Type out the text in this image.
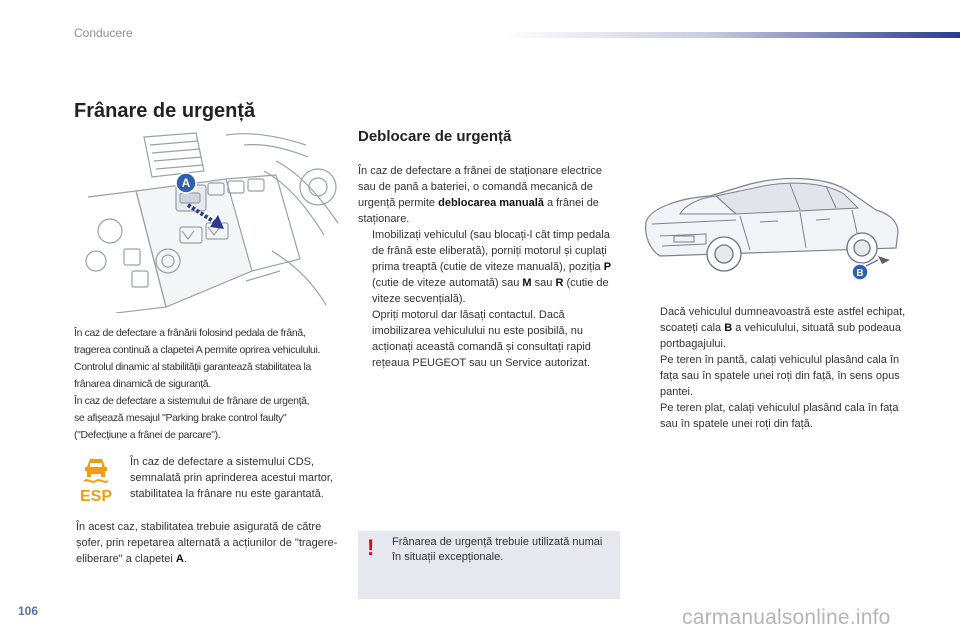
Conducere
Frânare de urgență
A

În caz de defectare a frânării folosind pedala de frână,

tragerea continuă a clapetei A permite oprirea vehiculului.

Controlul dinamic al stabilității garantează stabilitatea la

frânarea dinamică de siguranță.

În caz de defectare a sistemului de frânare de urgență,

se afișează mesajul "Parking brake control faulty"

("Defecțiune a frânei de parcare").

ESP
În caz de defectare a sistemului CDS, semnalată prin aprinderea acestui martor, stabilitatea la frânare nu este garantată.
În acest caz, stabilitatea trebuie asigurată de către șofer, prin repetarea alternată a acțiunilor de "tragere-eliberare" a clapetei A.
Deblocare de urgență
În caz de defectare a frânei de staționare electrice sau de pană a bateriei, o comandă mecanică de urgență permite deblocarea manuală a frânei de staționare.
Imobilizați vehiculul (sau blocați-l cât timp pedala de frână este eliberată), porniți motorul și cuplați prima treaptă (cutie de viteze manuală), poziția P (cutie de viteze automată) sau M sau R (cutie de viteze secvențială).
Opriți motorul dar lăsați contactul. Dacă imobilizarea vehiculului nu este posibilă, nu acționați această comandă și consultați rapid rețeaua PEUGEOT sau un Service autorizat.
! Frânarea de urgență trebuie utilizată numai în situații excepționale.
B
Dacă vehiculul dumneavoastră este astfel echipat, scoateți cala B a vehiculului, situată sub podeaua portbagajului.
Pe teren în pantă, calați vehiculul plasând cala în fața sau în spatele unei roți din față, în sens opus pantei.
Pe teren plat, calați vehiculul plasând cala în fața sau în spatele unei roți din față.
106	carmanualsonline.info
